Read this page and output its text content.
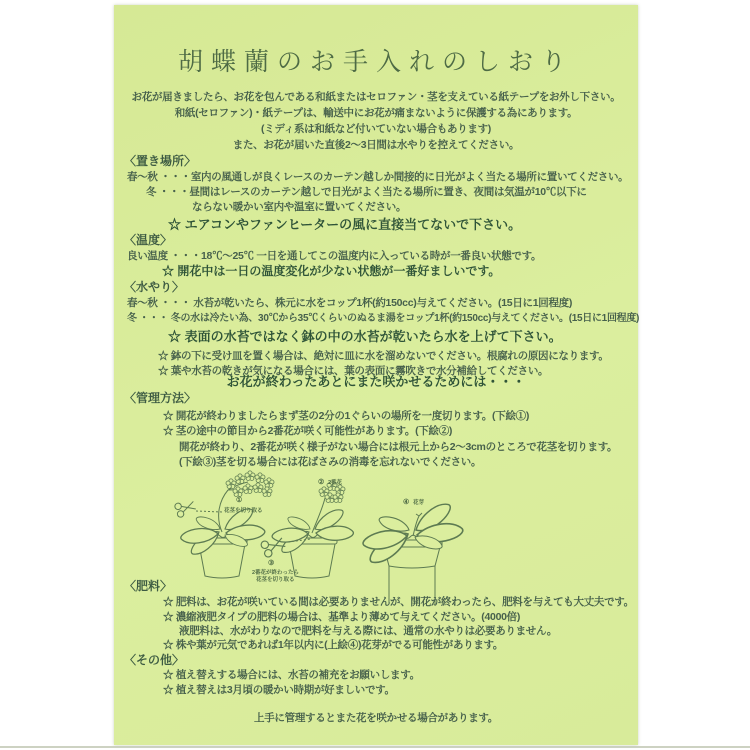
胡蝶蘭のお手入れのしおり
お花が届きましたら、お花を包んである和紙またはセロファン・茎を支えている紙テープをお外し下さい。
和紙(セロファン)・紙テープは、輸送中にお花が痛まないように保護する為にあります。
(ミディ系は和紙など付いていない場合もあります)
また、お花が届いた直後2〜3日間は水やりを控えてください。
〈置き場所〉
春〜秋 ・・・室内の風通しが良くレースのカーテン越しか間接的に日光がよく当たる場所に置いてください。
冬 ・・・昼間はレースのカーテン越しで日光がよく当たる場所に置き、夜間は気温が10℃以下に
ならない暖かい室内や温室に置いてください。
☆ エアコンやファンヒーターの風に直接当てないで下さい。
〈温度〉
良い温度 ・・・18℃〜25℃ 一日を通してこの温度内に入っている時が一番良い状態です。
☆ 開花中は一日の温度変化が少ない状態が一番好ましいです。
〈水やり〉
春〜秋 ・・・ 水苔が乾いたら、株元に水をコップ1杯(約150cc)与えてください。(15日に1回程度)
冬 ・・・ 冬の水は冷たい為、30℃から35℃くらいのぬるま湯をコップ1杯(約150cc)与えてください。(15日に1回程度)
☆ 表面の水苔ではなく鉢の中の水苔が乾いたら水を上げて下さい。
☆ 鉢の下に受け皿を置く場合は、絶対に皿に水を溜めないでください。根腐れの原因になります。
☆ 葉や水苔の乾きが気になる場合には、葉の表面に霧吹きで水分補給してください。
お花が終わったあとにまた咲かせるためには・・・
〈管理方法〉
☆ 開花が終わりましたらまず茎の2分の1ぐらいの場所を一度切ります。(下絵①)
☆ 茎の途中の節目から2番花が咲く可能性があります。(下絵②)
開花が終わり、2番花が咲く様子がない場合には根元上から2〜3cmのところで花茎を切ります。
(下絵③)茎を切る場合には花ばさみの消毒を忘れないでください。
①
花茎を切り取る
② 2番花
③
2番花が終わったら
花茎を切り取る
④ 花芽
〈肥料〉
☆ 肥料は、お花が咲いている間は必要ありませんが、開花が終わったら、肥料を与えても大丈夫です。
☆ 濃縮液肥タイプの肥料の場合は、基準より薄めて与えてください。(4000倍)
液肥料は、水がわりなので肥料を与える際には、通常の水やりは必要ありません。
☆ 株や葉が元気であれば1年以内に(上絵④)花芽がでる可能性があります。
〈その他〉
☆ 植え替えする場合には、水苔の補充をお願いします。
☆ 植え替えは3月頃の暖かい時期が好ましいです。
上手に管理するとまた花を咲かせる場合があります。
